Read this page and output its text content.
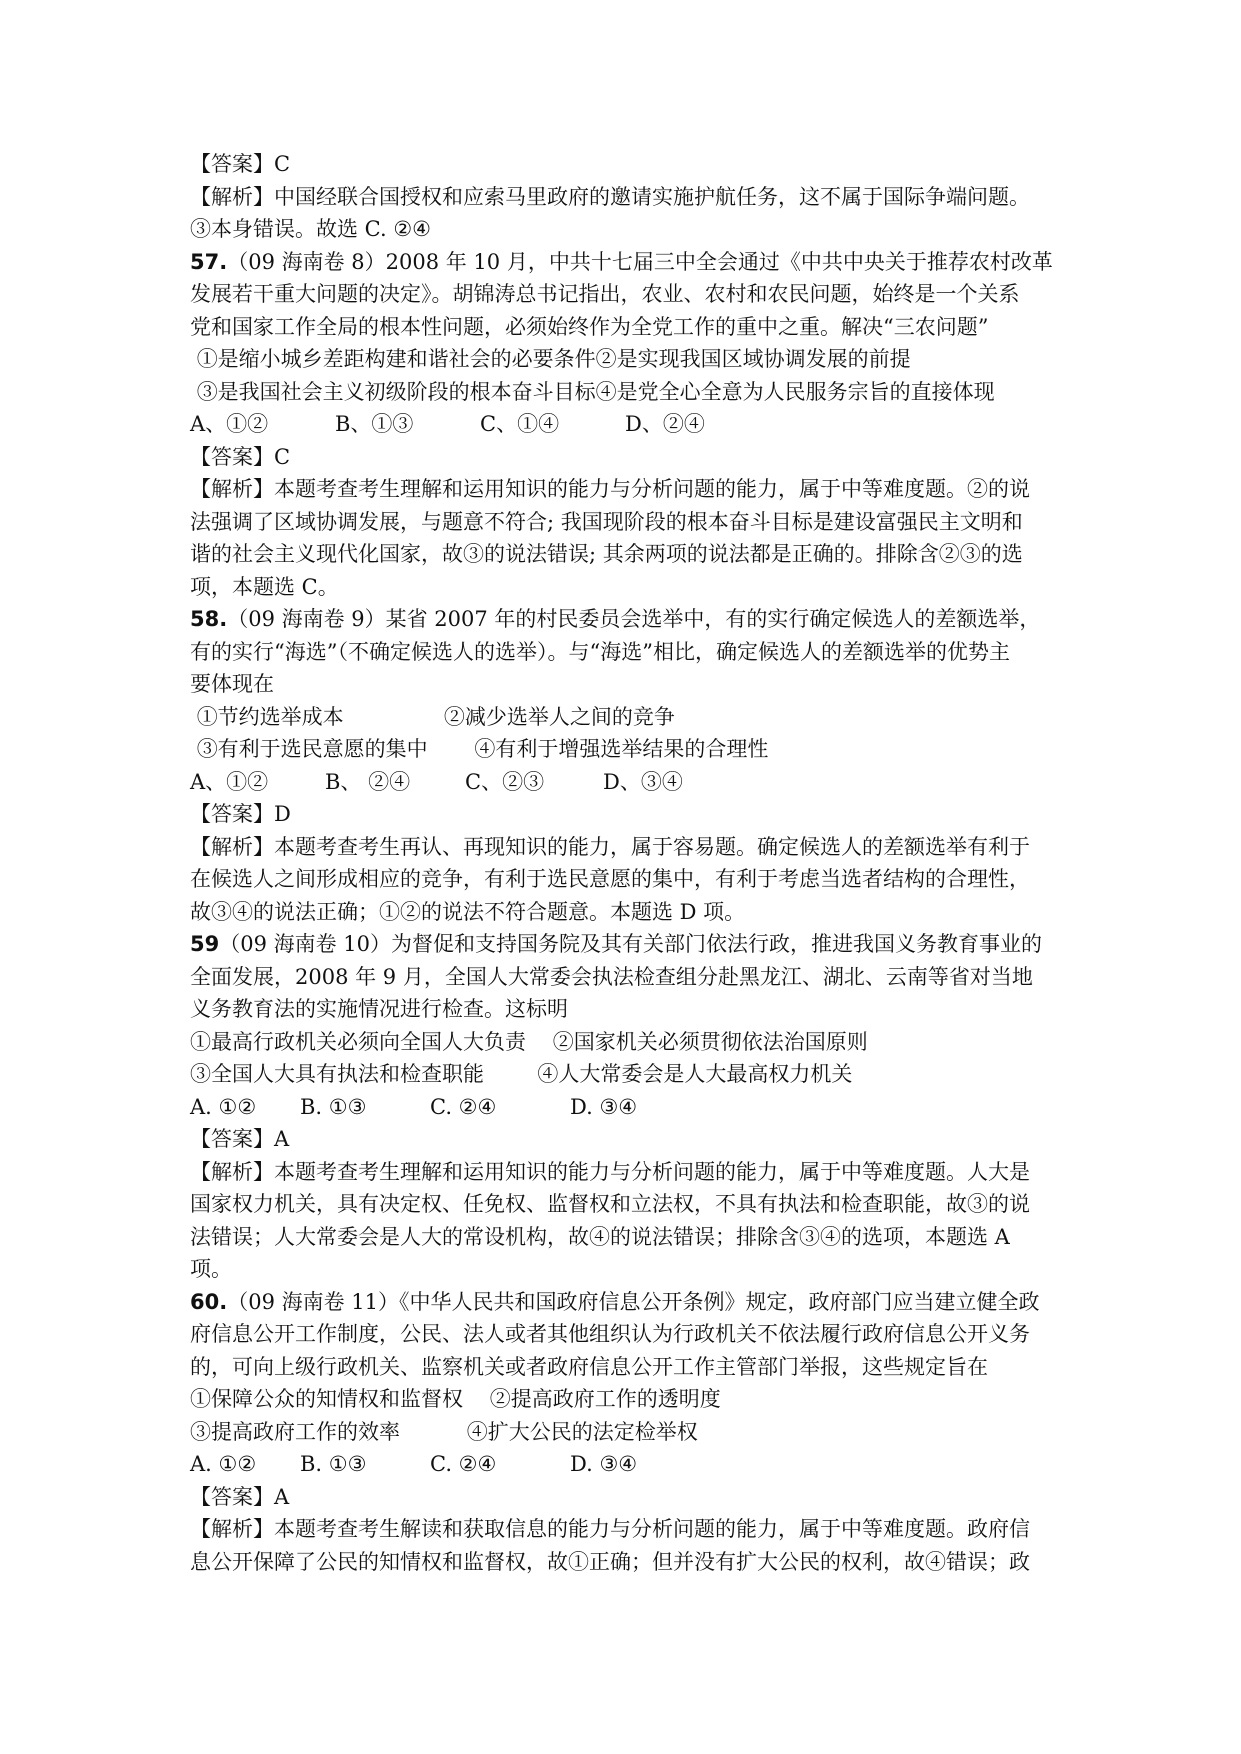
【答案】C

【解析】中国经联合国授权和应索马里政府的邀请实施护航任务，这不属于国际争端问题。

③本身错误。故选 C. ②④

57.（09 海南卷 8）2008 年 10 月，中共十七届三中全会通过《中共中央关于推荐农村改革

发展若干重大问题的决定》。胡锦涛总书记指出，农业、农村和农民问题，始终是一个关系

党和国家工作全局的根本性问题，必须始终作为全党工作的重中之重。解决“三农问题”

①是缩小城乡差距构建和谐社会的必要条件②是实现我国区域协调发展的前提

③是我国社会主义初级阶段的根本奋斗目标④是党全心全意为人民服务宗旨的直接体现

A、①②	B、①③	C、①④	D、②④

【答案】C

【解析】本题考查考生理解和运用知识的能力与分析问题的能力，属于中等难度题。②的说

法强调了区域协调发展，与题意不符合; 我国现阶段的根本奋斗目标是建设富强民主文明和

谐的社会主义现代化国家，故③的说法错误; 其余两项的说法都是正确的。排除含②③的选

项，本题选 C。

58.（09 海南卷 9）某省 2007 年的村民委员会选举中，有的实行确定候选人的差额选举，

有的实行“海选”（不确定候选人的选举）。与“海选”相比，确定候选人的差额选举的优势主

要体现在

①节约选举成本               ②减少选举人之间的竞争

③有利于选民意愿的集中       ④有利于增强选举结果的合理性

A、①②	B、 ②④	C、②③	D、③④

【答案】D

【解析】本题考查考生再认、再现知识的能力，属于容易题。确定候选人的差额选举有利于

在候选人之间形成相应的竞争，有利于选民意愿的集中，有利于考虑当选者结构的合理性，

故③④的说法正确；①②的说法不符合题意。本题选 D 项。

59（09 海南卷 10）为督促和支持国务院及其有关部门依法行政，推进我国义务教育事业的

全面发展，2008 年 9 月，全国人大常委会执法检查组分赴黑龙江、湖北、云南等省对当地

义务教育法的实施情况进行检查。这标明

①最高行政机关必须向全国人大负责    ②国家机关必须贯彻依法治国原则

③全国人大具有执法和检查职能        ④人大常委会是人大最高权力机关

A. ①②	B. ①③	C. ②④	D. ③④

【答案】A

【解析】本题考查考生理解和运用知识的能力与分析问题的能力，属于中等难度题。人大是

国家权力机关，具有决定权、任免权、监督权和立法权，不具有执法和检查职能，故③的说

法错误；人大常委会是人大的常设机构，故④的说法错误；排除含③④的选项，本题选 A

项。

60.（09 海南卷 11）《中华人民共和国政府信息公开条例》规定，政府部门应当建立健全政

府信息公开工作制度，公民、法人或者其他组织认为行政机关不依法履行政府信息公开义务

的，可向上级行政机关、监察机关或者政府信息公开工作主管部门举报，这些规定旨在

①保障公众的知情权和监督权    ②提高政府工作的透明度

③提高政府工作的效率          ④扩大公民的法定检举权

A. ①②	B. ①③	C. ②④	D. ③④

【答案】A

【解析】本题考查考生解读和获取信息的能力与分析问题的能力，属于中等难度题。政府信

息公开保障了公民的知情权和监督权，故①正确；但并没有扩大公民的权利，故④错误；政
